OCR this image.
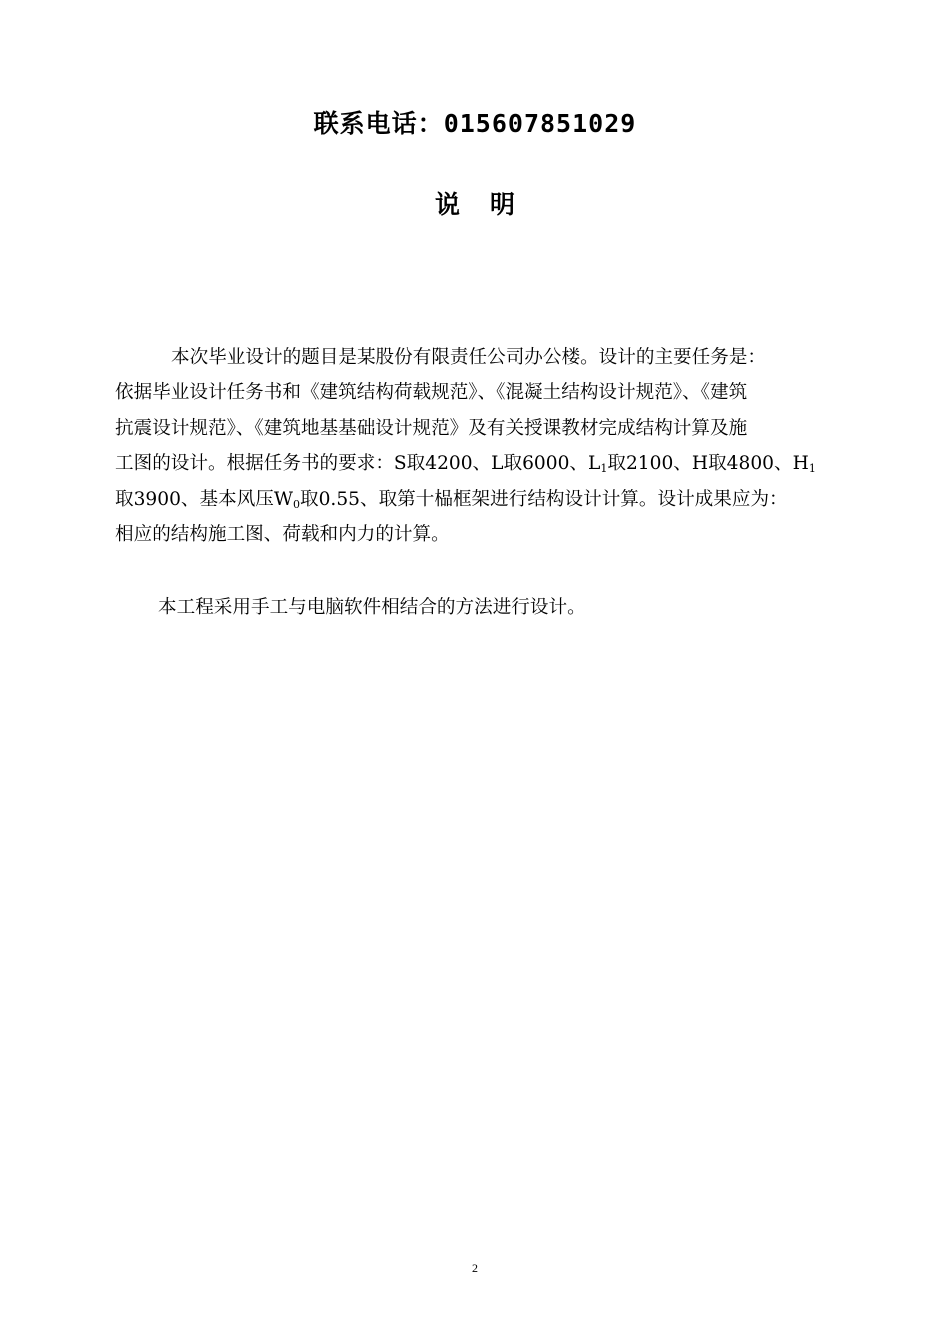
联系电话：015607851029
说 明
本次毕业设计的题目是某股份有限责任公司办公楼。设计的主要任务是：
依据毕业设计任务书和《建筑结构荷载规范》、《混凝土结构设计规范》、《建筑
抗震设计规范》、《建筑地基基础设计规范》及有关授课教材完成结构计算及施
工图的设计。根据任务书的要求：S取4200、L取6000、$L_1$取2100、H取4800、$H_1$
取3900、基本风压$W_0$取0.55、取第十榀框架进行结构设计计算。设计成果应为：
相应的结构施工图、荷载和内力的计算。
本工程采用手工与电脑软件相结合的方法进行设计。
2
